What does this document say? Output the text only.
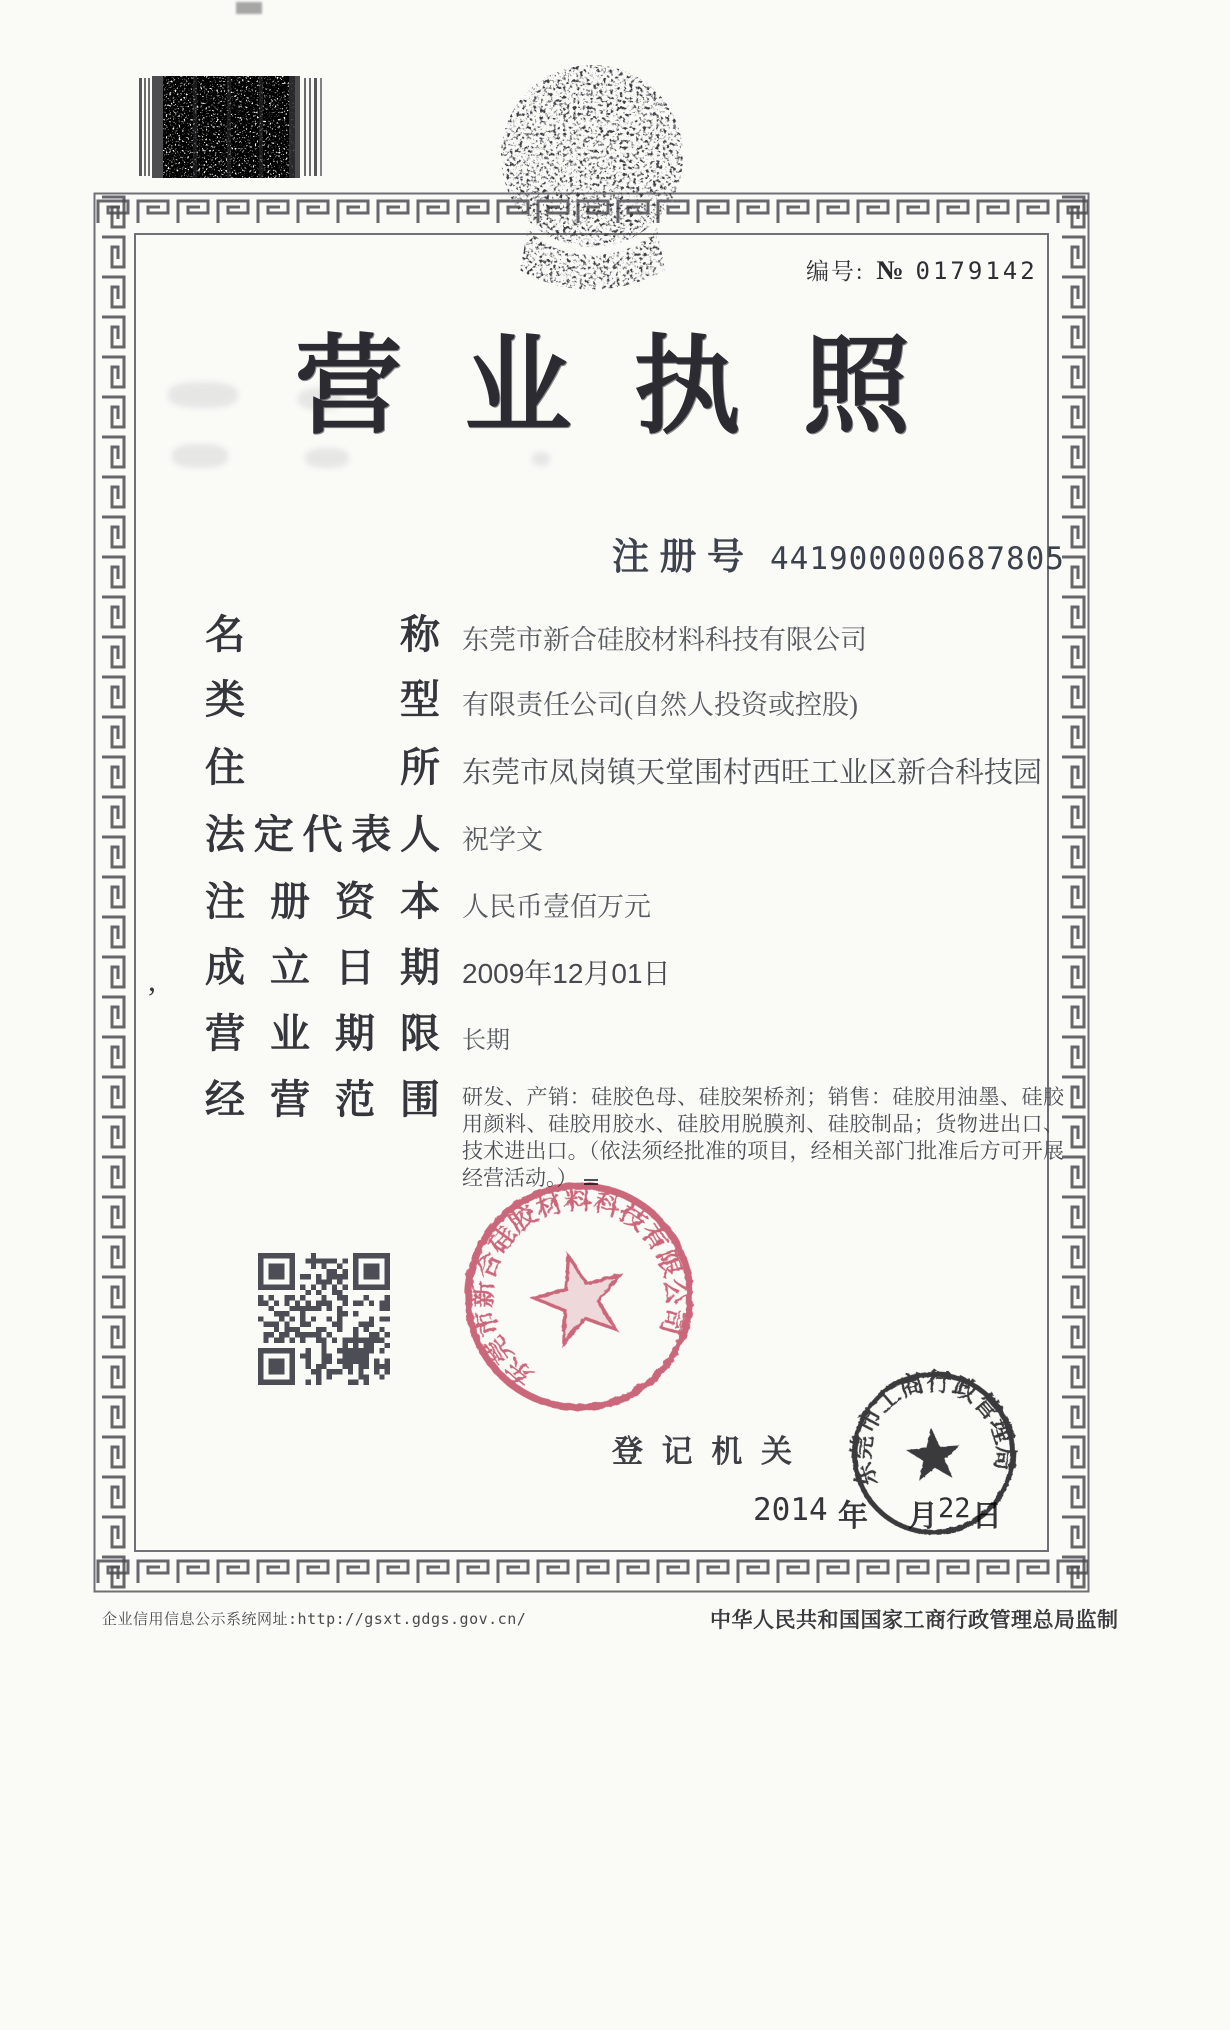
编号: № 0179142
营 业 执 照
注 册 号 441900000687805
名	称 东莞市新合硅胶材料科技有限公司
类	型 有限责任公司(自然人投资或控股)
住	所 东莞市凤岗镇天堂围村西旺工业区新合科技园
法 定 代 表 人 祝学文
注 册 资 本 人民币壹佰万元
成 立 日 期 2009年12月01日
营 业 期 限 长期
经 营 范 围 研发、产销：硅胶色母、硅胶架桥剂；销售：硅胶用油墨、硅胶用颜料、硅胶用胶水、硅胶用脱膜剂、硅胶制品；货物进出口、技术进出口。（依法须经批准的项目，经相关部门批准后方可开展经营活动。）
,
东莞市新合硅胶材料科技有限公司
登 记 机 关
2014 年 月 22 日
东莞市工商行政管理局
企业信用信息公示系统网址:http://gsxt.gdgs.gov.cn/	中华人民共和国国家工商行政管理总局监制
